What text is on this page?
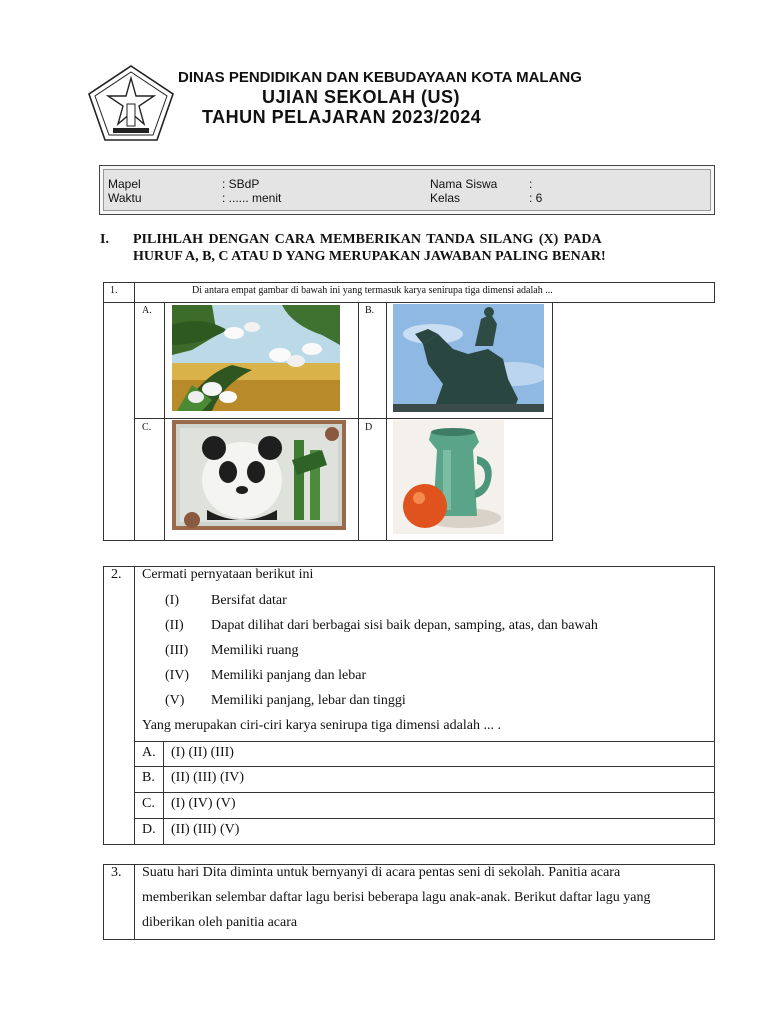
DINAS PENDIDIKAN DAN KEBUDAYAAN KOTA MALANG
UJIAN SEKOLAH (US)
TAHUN PELAJARAN 2023/2024
Mapel	: SBdP
Waktu	: ...... menit
Nama Siswa	:
Kelas	: 6
I. PILIHLAH DENGAN CARA MEMBERIKAN TANDA SILANG (X) PADA
HURUF A, B, C ATAU D YANG MERUPAKAN JAWABAN PALING BENAR!
1.	Di antara empat gambar di bawah ini yang termasuk karya senirupa tiga dimensi adalah ...
A.	B.
C.	D
2. Cermati pernyataan berikut ini
(I) Bersifat datar
(II) Dapat dilihat dari berbagai sisi baik depan, samping, atas, dan bawah
(III) Memiliki ruang
(IV) Memiliki panjang dan lebar
(V) Memiliki panjang, lebar dan tinggi
Yang merupakan ciri-ciri karya senirupa tiga dimensi adalah ... .
A. (I) (II) (III)
B. (II) (III) (IV)
C. (I) (IV) (V)
D. (II) (III) (V)
3. Suatu hari Dita diminta untuk bernyanyi di acara pentas seni di sekolah. Panitia acara
memberikan selembar daftar lagu berisi beberapa lagu anak-anak. Berikut daftar lagu yang
diberikan oleh panitia acara
